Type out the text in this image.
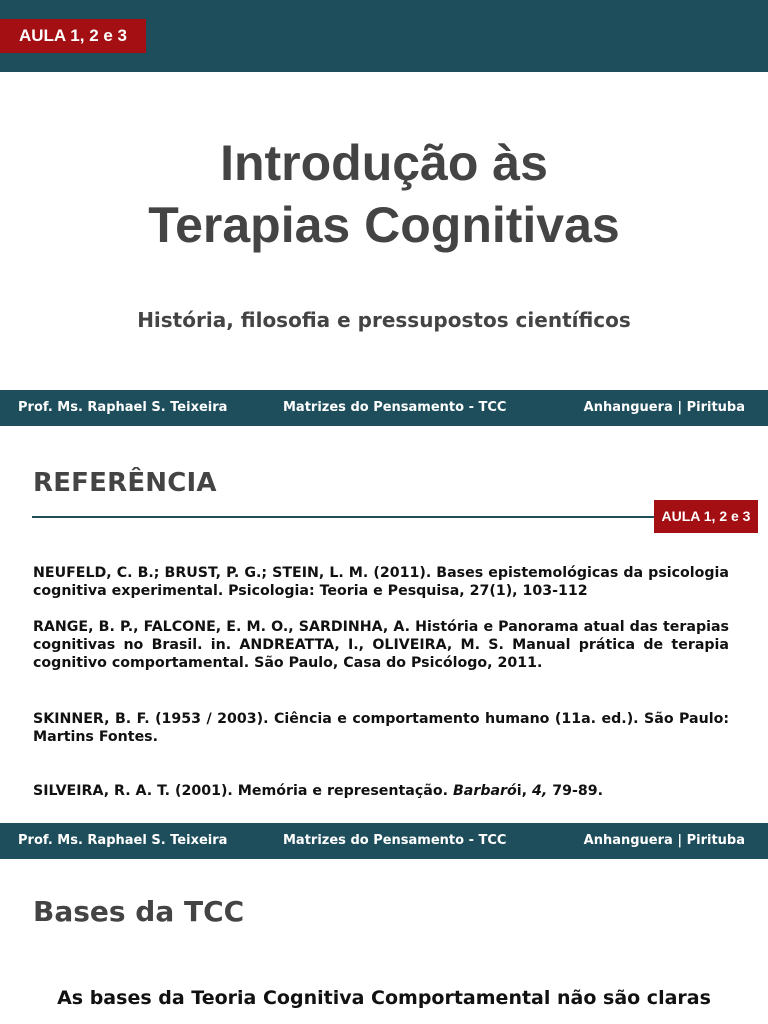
AULA 1, 2 e 3
Introdução às
Terapias Cognitivas
História, filosofia e pressupostos científicos
Prof. Ms. Raphael S. Teixeira	Matrizes do Pensamento - TCC	Anhanguera | Pirituba
REFERÊNCIA
AULA 1, 2 e 3

NEUFELD, C. B.; BRUST, P. G.; STEIN, L. M. (2011). Bases epistemológicas da psicologia cognitiva experimental. Psicologia: Teoria e Pesquisa, 27(1), 103-112

RANGE, B. P., FALCONE, E. M. O., SARDINHA, A. História e Panorama atual das terapias cognitivas no Brasil. in. ANDREATTA, I., OLIVEIRA, M. S. Manual prática de terapia cognitivo comportamental. São Paulo, Casa do Psicólogo, 2011.

SKINNER, B. F. (1953 / 2003). Ciência e comportamento humano (11a. ed.). São Paulo: Martins Fontes.

SILVEIRA, R. A. T. (2001). Memória e representação. Barbarói, 4, 79-89.

Prof. Ms. Raphael S. Teixeira	Matrizes do Pensamento - TCC	Anhanguera | Pirituba
Bases da TCC
As bases da Teoria Cognitiva Comportamental não são claras
